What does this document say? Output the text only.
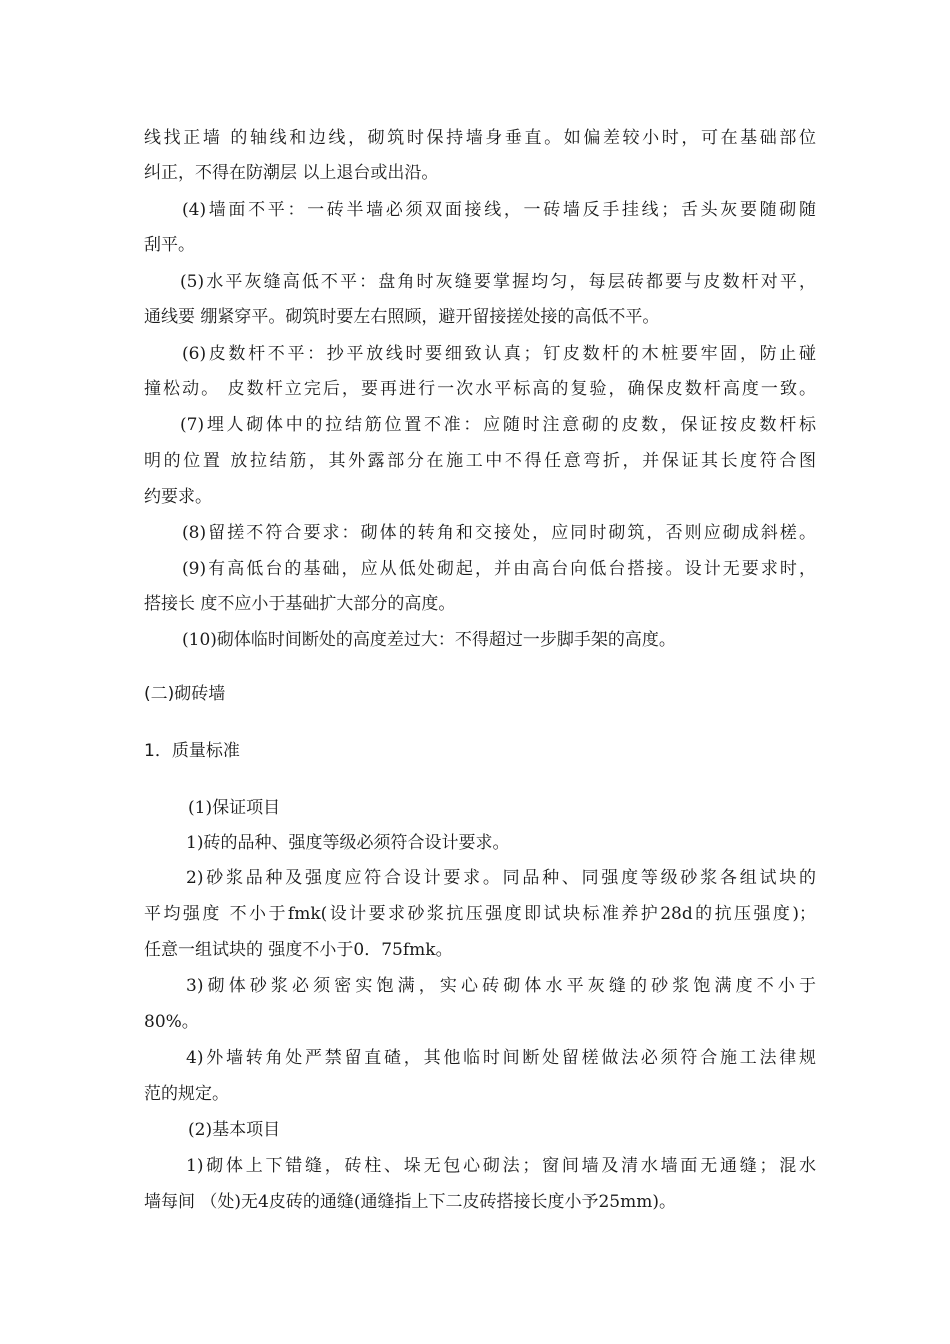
线找正墙 的轴线和边线，砌筑时保持墙身垂直。如偏差较小时，可在基础部位
纠正，不得在防潮层 以上退台或出沿。
(4)墙面不平：一砖半墙必须双面接线，一砖墙反手挂线；舌头灰要随砌随
刮平。
(5)水平灰缝高低不平：盘角时灰缝要掌握均匀，每层砖都要与皮数杆对平，
通线要 绷紧穿平。砌筑时要左右照顾，避开留接搓处接的高低不平。
(6)皮数杆不平：抄平放线时要细致认真；钉皮数杆的木桩要牢固，防止碰
撞松动。 皮数杆立完后，要再进行一次水平标高的复验，确保皮数杆高度一致。
(7)埋人砌体中的拉结筋位置不准：应随时注意砌的皮数，保证按皮数杆标
明的位置 放拉结筋，其外露部分在施工中不得任意弯折，并保证其长度符合图
约要求。
(8)留搓不符合要求：砌体的转角和交接处，应同时砌筑，否则应砌成斜槎。
(9)有高低台的基础，应从低处砌起，并由高台向低台搭接。设计无要求时，
搭接长 度不应小于基础扩大部分的高度。
(10)砌体临时间断处的高度差过大：不得超过一步脚手架的高度。
(二)砌砖墙
1．质量标准
(1)保证项目
1)砖的品种、强度等级必须符合设计要求。
2)砂浆品种及强度应符合设计要求。同品种、同强度等级砂浆各组试块的
平均强度 不小于fmk(设计要求砂浆抗压强度即试块标准养护28d的抗压强度)；
任意一组试块的 强度不小于0．75fmk。
3)砌体砂浆必须密实饱满，实心砖砌体水平灰缝的砂浆饱满度不小于
80%。
4)外墙转角处严禁留直碴，其他临时间断处留槎做法必须符合施工法律规
范的规定。
(2)基本项目
1)砌体上下错缝，砖柱、垛无包心砌法；窗间墙及清水墙面无通缝；混水
墙每间 （处)无4皮砖的通缝(通缝指上下二皮砖搭接长度小予25mm)。
